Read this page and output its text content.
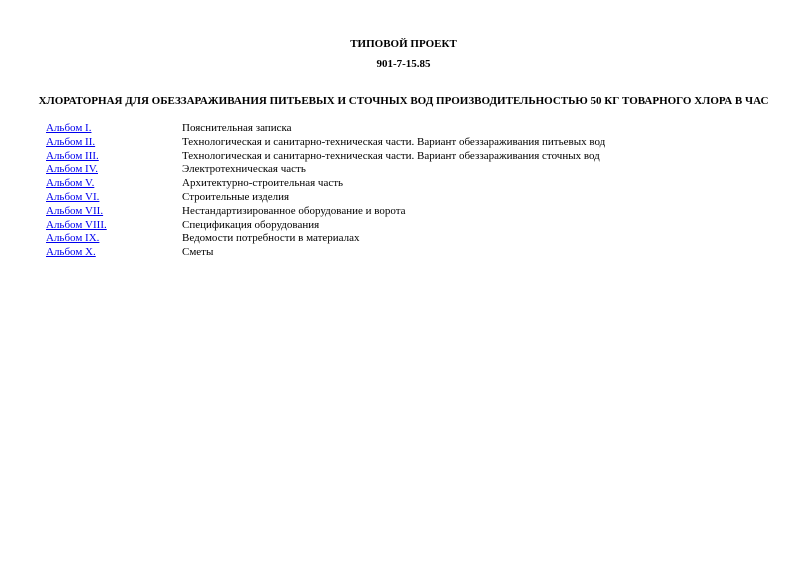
ТИПОВОЙ ПРОЕКТ
901-7-15.85
ХЛОРАТОРНАЯ ДЛЯ ОБЕЗЗАРАЖИВАНИЯ ПИТЬЕВЫХ И СТОЧНЫХ ВОД ПРОИЗВОДИТЕЛЬНОСТЬЮ 50 КГ ТОВАРНОГО ХЛОРА В ЧАС
Альбом I.	Пояснительная записка
Альбом II.	Технологическая и санитарно-техническая части. Вариант обеззараживания питьевых вод
Альбом III.	Технологическая и санитарно-техническая части. Вариант обеззараживания сточных вод
Альбом IV.	Электротехническая часть
Альбом V.	Архитектурно-строительная часть
Альбом VI.	Строительные изделия
Альбом VII.	Нестандартизированное оборудование и ворота
Альбом VIII.	Спецификация оборудования
Альбом IX.	Ведомости потребности в материалах
Альбом X.	Сметы
